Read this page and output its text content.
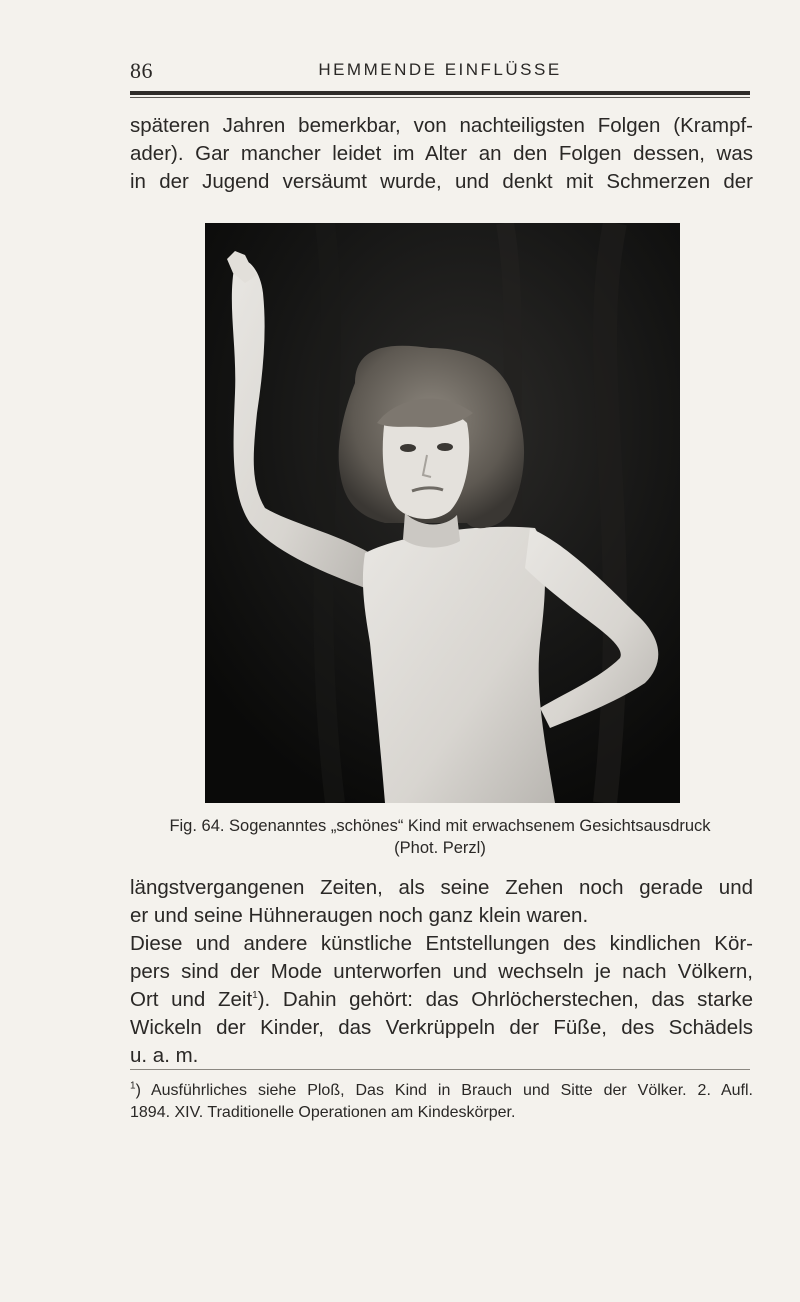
86	HEMMENDE EINFLÜSSE

späteren Jahren bemerkbar, von nachteiligsten Folgen (Krampf-
ader). Gar mancher leidet im Alter an den Folgen dessen, was
in der Jugend versäumt wurde, und denkt mit Schmerzen der

Fig. 64. Sogenanntes „schönes“ Kind mit erwachsenem Gesichtsausdruck
(Phot. Perzl)

längstvergangenen Zeiten, als seine Zehen noch gerade und
er und seine Hühneraugen noch ganz klein waren.
Diese und andere künstliche Entstellungen des kindlichen Kör-
pers sind der Mode unterworfen und wechseln je nach Völkern,
Ort und Zeit$^1$). Dahin gehört: das Ohrlöcherstechen, das starke
Wickeln der Kinder, das Verkrüppeln der Füße, des Schädels
u. a. m.

$^1$) Ausführliches siehe Ploß, Das Kind in Brauch und Sitte der Völker. 2. Aufl.
1894. XIV. Traditionelle Operationen am Kindeskörper.
